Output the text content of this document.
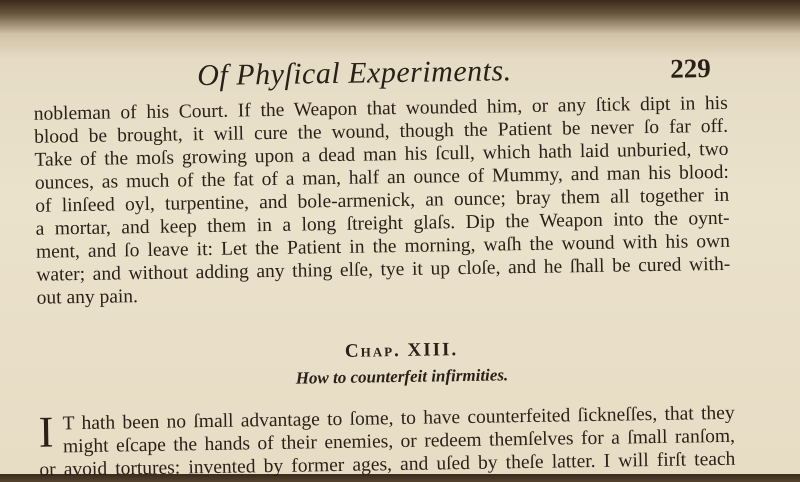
Of Phyſical Experiments.	229
nobleman of his Court. If the Weapon that wounded him, or any ſtick dipt in his
blood be brought, it will cure the wound, though the Patient be never ſo far off.
Take of the moſs growing upon a dead man his ſcull, which hath laid unburied, two
ounces, as much of the fat of a man, half an ounce of Mummy, and man his blood:
of linſeed oyl, turpentine, and bole-armenick, an ounce; bray them all together in
a mortar, and keep them in a long ſtreight glaſs. Dip the Weapon into the oynt-
ment, and ſo leave it: Let the Patient in the morning, waſh the wound with his own
water; and without adding any thing elſe, tye it up cloſe, and he ſhall be cured with-
out any pain.
Chap. XIII.
How to counterfeit infirmities.
I T hath been no ſmall advantage to ſome, to have counterfeited ſickneſſes, that they
might eſcape the hands of their enemies, or redeem themſelves for a ſmall ranſom,
or avoid tortures: invented by former ages, and uſed by theſe latter. I will firſt teach
